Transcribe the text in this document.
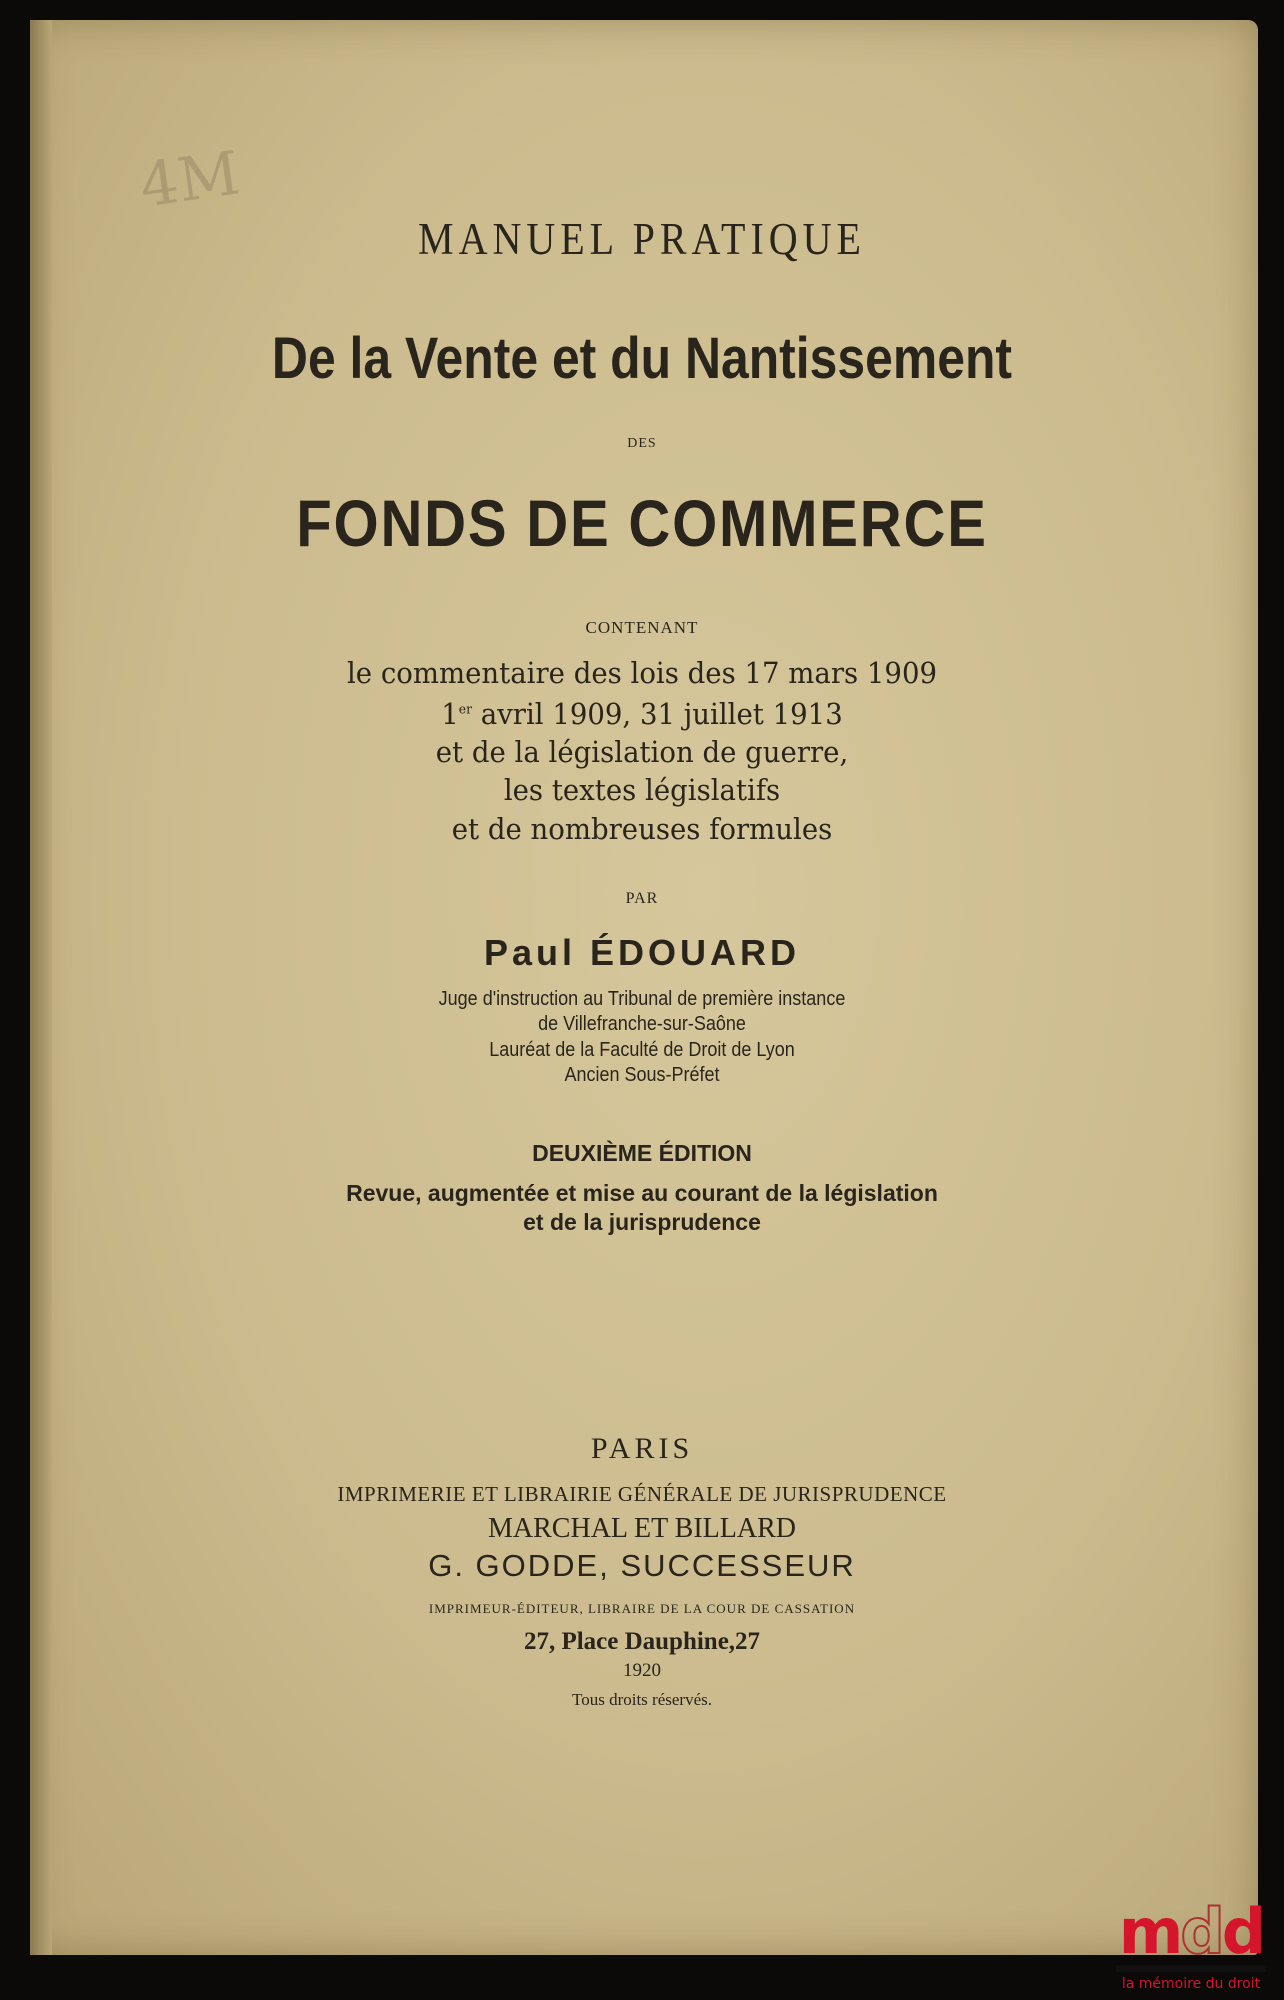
4M
MANUEL PRATIQUE
De la Vente et du Nantissement
DES
FONDS DE COMMERCE
CONTENANT
le commentaire des lois des 17 mars 1909
1er avril 1909, 31 juillet 1913
et de la législation de guerre,
les textes législatifs
et de nombreuses formules
PAR
Paul ÉDOUARD
Juge d'instruction au Tribunal de première instance
de Villefranche-sur-Saône
Lauréat de la Faculté de Droit de Lyon
Ancien Sous-Préfet
DEUXIÈME ÉDITION
Revue, augmentée et mise au courant de la législation
et de la jurisprudence
PARIS
IMPRIMERIE ET LIBRAIRIE GÉNÉRALE DE JURISPRUDENCE
MARCHAL ET BILLARD
G. GODDE, SUCCESSEUR
IMPRIMEUR-ÉDITEUR, LIBRAIRE DE LA COUR DE CASSATION
27, Place Dauphine,27
1920
Tous droits réservés.
mdd
la mémoire du droit
